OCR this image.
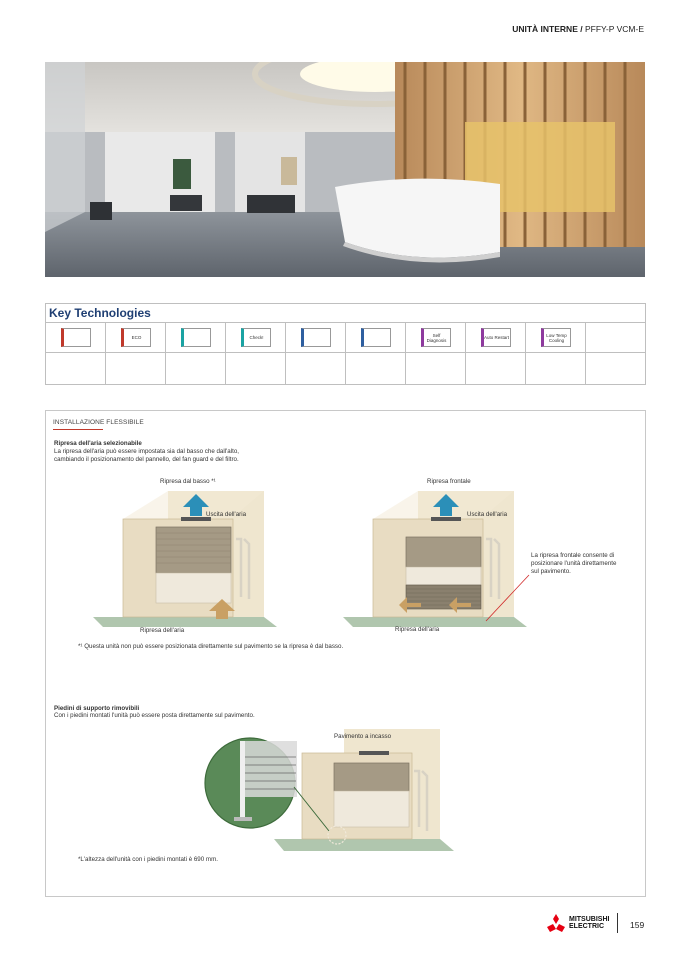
UNITÀ INTERNE / PFFY-P VCM-E
Key Technologies
ECO	Check!	Self Diagnosis	Auto Restart	Low Temp Cooling
INSTALLAZIONE FLESSIBILE
Ripresa dell'aria selezionabile
La ripresa dell'aria può essere impostata sia dal basso che dall'alto,
cambiando il posizionamento del pannello, del fan guard e del filtro.
Ripresa dal basso *¹
Uscita dell'aria
Ripresa dell'aria
Ripresa frontale
Uscita dell'aria
Ripresa dell'aria
La ripresa frontale consente di
posizionare l'unità direttamente
sul pavimento.
*¹ Questa unità non può essere posizionata direttamente sul pavimento se la ripresa è dal basso.
Piedini di supporto rimovibili
Con i piedini montati l'unità può essere posta direttamente sul pavimento.
Pavimento a incasso
*L'altezza dell'unità con i piedini montati è 690 mm.
MITSUBISHI
ELECTRIC	159
